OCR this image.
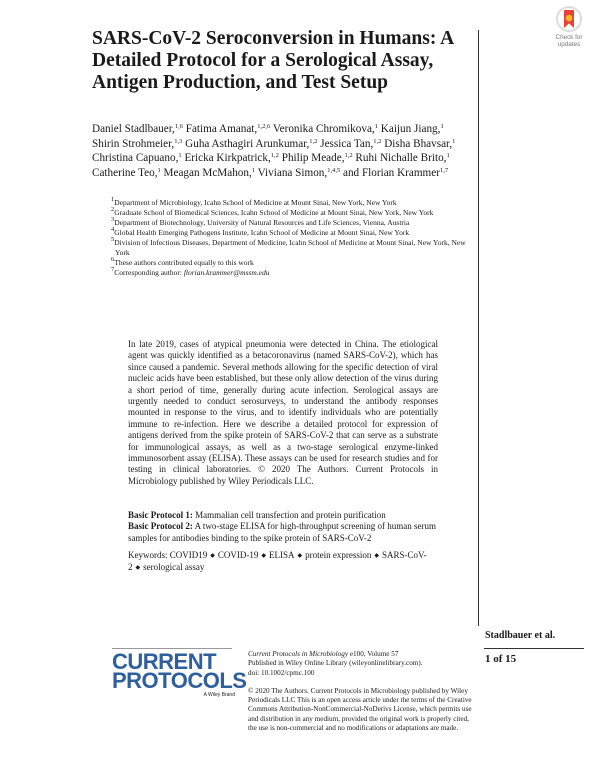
SARS-CoV-2 Seroconversion in Humans: A Detailed Protocol for a Serological Assay, Antigen Production, and Test Setup
Check for
updates

Daniel Stadlbauer,$^{1,6}$ Fatima Amanat,$^{1,2,6}$ Veronika Chromikova,$^1$ Kaijun Jiang,$^1$ Shirin Strohmeier,$^{1,3}$ Guha Asthagiri Arunkumar,$^{1,2}$ Jessica Tan,$^{1,2}$ Disha Bhavsar,$^1$ Christina Capuano,$^1$ Ericka Kirkpatrick,$^{1,2}$ Philip Meade,$^{1,2}$ Ruhi Nichalle Brito,$^1$ Catherine Teo,$^1$ Meagan McMahon,$^1$ Viviana Simon,$^{1,4,5}$ and Florian Krammer$^{1,7}$

$^1$Department of Microbiology, Icahn School of Medicine at Mount Sinai, New York, New York
$^2$Graduate School of Biomedical Sciences, Icahn School of Medicine at Mount Sinai, New York, New York
$^3$Department of Biotechnology, University of Natural Resources and Life Sciences, Vienna, Austria
$^4$Global Health Emerging Pathogens Institute, Icahn School of Medicine at Mount Sinai, New York
$^5$Division of Infectious Diseases, Department of Medicine, Icahn School of Medicine at Mount Sinai, New York, New York
$^6$These authors contributed equally to this work
$^7$Corresponding author: florian.krammer@mssm.edu

In late 2019, cases of atypical pneumonia were detected in China. The etiological agent was quickly identified as a betacoronavirus (named SARS-CoV-2), which has since caused a pandemic. Several methods allowing for the specific detection of viral nucleic acids have been established, but these only allow detection of the virus during a short period of time, generally during acute infection. Serological assays are urgently needed to conduct serosurveys, to understand the antibody responses mounted in response to the virus, and to identify individuals who are potentially immune to re-infection. Here we describe a detailed protocol for expression of antigens derived from the spike protein of SARS-CoV-2 that can serve as a substrate for immunological assays, as well as a two-stage serological enzyme-linked immunosorbent assay (ELISA). These assays can be used for research studies and for testing in clinical laboratories. © 2020 The Authors. Current Protocols in Microbiology published by Wiley Periodicals LLC.

Basic Protocol 1: Mammalian cell transfection and protein purification

Basic Protocol 2: A two-stage ELISA for high-throughput screening of human serum samples for antibodies binding to the spike protein of SARS-CoV-2

Keywords: COVID19 ◆ COVID-19 ◆ ELISA ◆ protein expression ◆ SARS-CoV-2 ◆ serological assay

Stadlbauer et al.

1 of 15

CURRENT
PROTOCOLS
A Wiley Brand
Current Protocols in Microbiology e100, Volume 57
Published in Wiley Online Library (wileyonlinelibrary.com).
doi: 10.1002/cpmc.100
© 2020 The Authors. Current Protocols in Microbiology published by Wiley Periodicals LLC This is an open access article under the terms of the Creative Commons Attribution-NonCommercial-NoDerivs License, which permits use and distribution in any medium, provided the original work is properly cited, the use is non-commercial and no modifications or adaptations are made.
